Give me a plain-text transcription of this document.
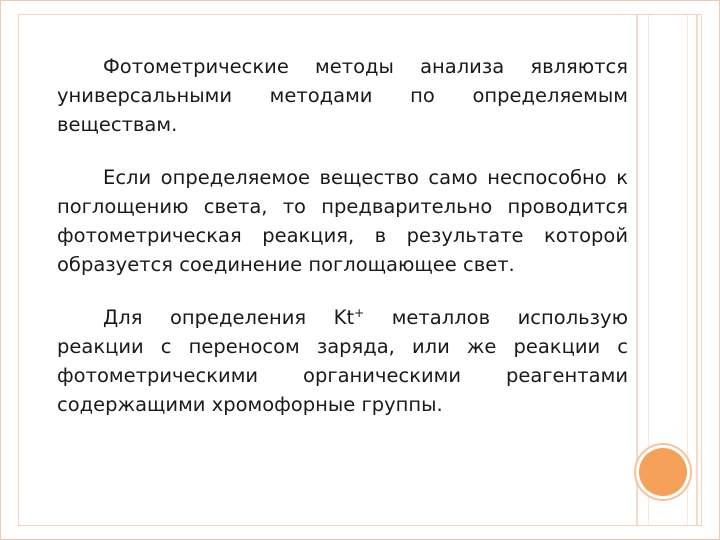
Фотометрические методы анализа являются универсальными методами по определяемым веществам.

Если определяемое вещество само неспособно к поглощению света, то предварительно проводится фотометрическая реакция, в результате которой образуется соединение поглощающее свет.

Для определения Kt+ металлов использую реакции с переносом заряда, или же реакции с фотометрическими органическими реагентами содержащими хромофорные группы.
